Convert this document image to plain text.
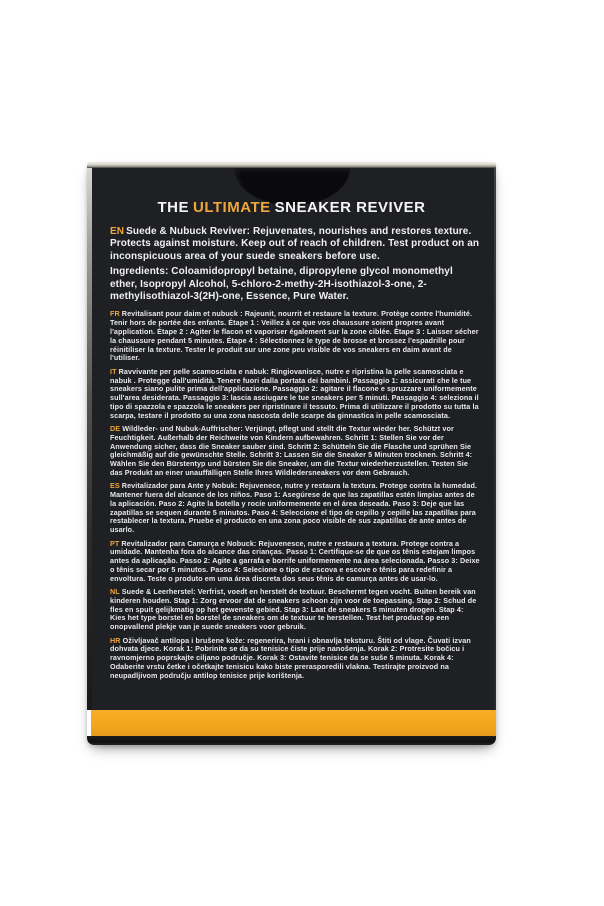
THE ULTIMATE SNEAKER REVIVER
EN Suede & Nubuck Reviver: Rejuvenates, nourishes and restores texture. Protects against moisture. Keep out of reach of children. Test product on an inconspicuous area of your suede sneakers before use.
Ingredients: Coloamidopropyl betaine, dipropylene glycol monomethyl ether, Isopropyl Alcohol, 5-chloro-2-methy-2H-isothiazol-3-one, 2-methylisothiazol-3(2H)-one, Essence, Pure Water.
FR Revitalisant pour daim et nubuck : Rajeunit, nourrit et restaure la texture. Protège contre l'humidité. Tenir hors de portée des enfants. Étape 1 : Veillez à ce que vos chaussure soient propres avant l'application. Étape 2 : Agiter le flacon et vaporiser également sur la zone ciblée. Étape 3 : Laisser sécher la chaussure pendant 5 minutes. Étape 4 : Sélectionnez le type de brosse et brossez l'espadrille pour réinitiliser la texture. Tester le produit sur une zone peu visible de vos sneakers en daim avant de l'utiliser.
IT Ravvivante per pelle scamosciata e nabuk: Ringiovanisce, nutre e ripristina la pelle scamosciata e nabuk . Protegge dall'umidità. Tenere fuori dalla portata dei bambini. Passaggio 1: assicurati che le tue sneakers siano pulite prima dell'applicazione. Passaggio 2: agitare il flacone e spruzzare uniformemente sull'area desiderata. Passaggio 3: lascia asciugare le tue sneakers per 5 minuti. Passaggio 4: seleziona il tipo di spazzola e spazzola le sneakers per ripristinare il tessuto. Prima di utilizzare il prodotto su tutta la scarpa, testare il prodotto su una zona nascosta delle scarpe da ginnastica in pelle scamosciata.
DE Wildleder- und Nubuk-Auffrischer: Verjüngt, pflegt und stellt die Textur wieder her. Schützt vor Feuchtigkeit. Außerhalb der Reichweite von Kindern aufbewahren. Schritt 1: Stellen Sie vor der Anwendung sicher, dass die Sneaker sauber sind. Schritt 2: Schütteln Sie die Flasche und sprühen Sie gleichmäßig auf die gewünschte Stelle. Schritt 3: Lassen Sie die Sneaker 5 Minuten trocknen. Schritt 4: Wählen Sie den Bürstentyp und bürsten Sie die Sneaker, um die Textur wiederherzustellen. Testen Sie das Produkt an einer unauffälligen Stelle Ihres Wildledersneakers vor dem Gebrauch.
ES Revitalizador para Ante y Nobuk: Rejuvenece, nutre y restaura la textura. Protege contra la humedad. Mantener fuera del alcance de los niños. Paso 1: Asegúrese de que las zapatillas estén limpias antes de la aplicación. Paso 2: Agite la botella y rocíe uniformemente en el área deseada. Paso 3: Deje que las zapatillas se sequen durante 5 minutos. Paso 4: Seleccione el tipo de cepillo y cepille las zapatillas para restablecer la textura. Pruebe el producto en una zona poco visible de sus zapatillas de ante antes de usarlo.
PT Revitalizador para Camurça e Nobuck: Rejuvenesce, nutre e restaura a textura. Protege contra a umidade. Mantenha fora do alcance das crianças. Passo 1: Certifique-se de que os tênis estejam limpos antes da aplicação. Passo 2: Agite a garrafa e borrife uniformemente na área selecionada. Passo 3: Deixe o tênis secar por 5 minutos. Passo 4: Selecione o tipo de escova e escove o tênis para redefinir a envoltura. Teste o produto em uma área discreta dos seus tênis de camurça antes de usar-lo.
NL Suede & Leerherstel: Verfrist, voedt en herstelt de textuur. Beschermt tegen vocht. Buiten bereik van kinderen houden. Stap 1: Zorg ervoor dat de sneakers schoon zijn voor de toepassing. Stap 2: Schud de fles en spuit gelijkmatig op het gewenste gebied. Stap 3: Laat de sneakers 5 minuten drogen. Stap 4: Kies het type borstel en borstel de sneakers om de textuur te herstellen. Test het product op een onopvallend plekje van je suede sneakers voor gebruik.
HR Oživljavač antilopa i brušene kože: regenerira, hrani i obnavlja teksturu. Štiti od vlage. Čuvati izvan dohvata djece. Korak 1: Pobrinite se da su tenisice čiste prije nanošenja. Korak 2: Protresite bočicu i ravnomjerno poprskajte ciljano područje. Korak 3: Ostavite tenisice da se suše 5 minuta. Korak 4: Odaberite vrstu četke i očetkajte tenisicu kako biste prerasporedili vlakna. Testirajte proizvod na neupadljivom području antilop tenisice prije korištenja.
